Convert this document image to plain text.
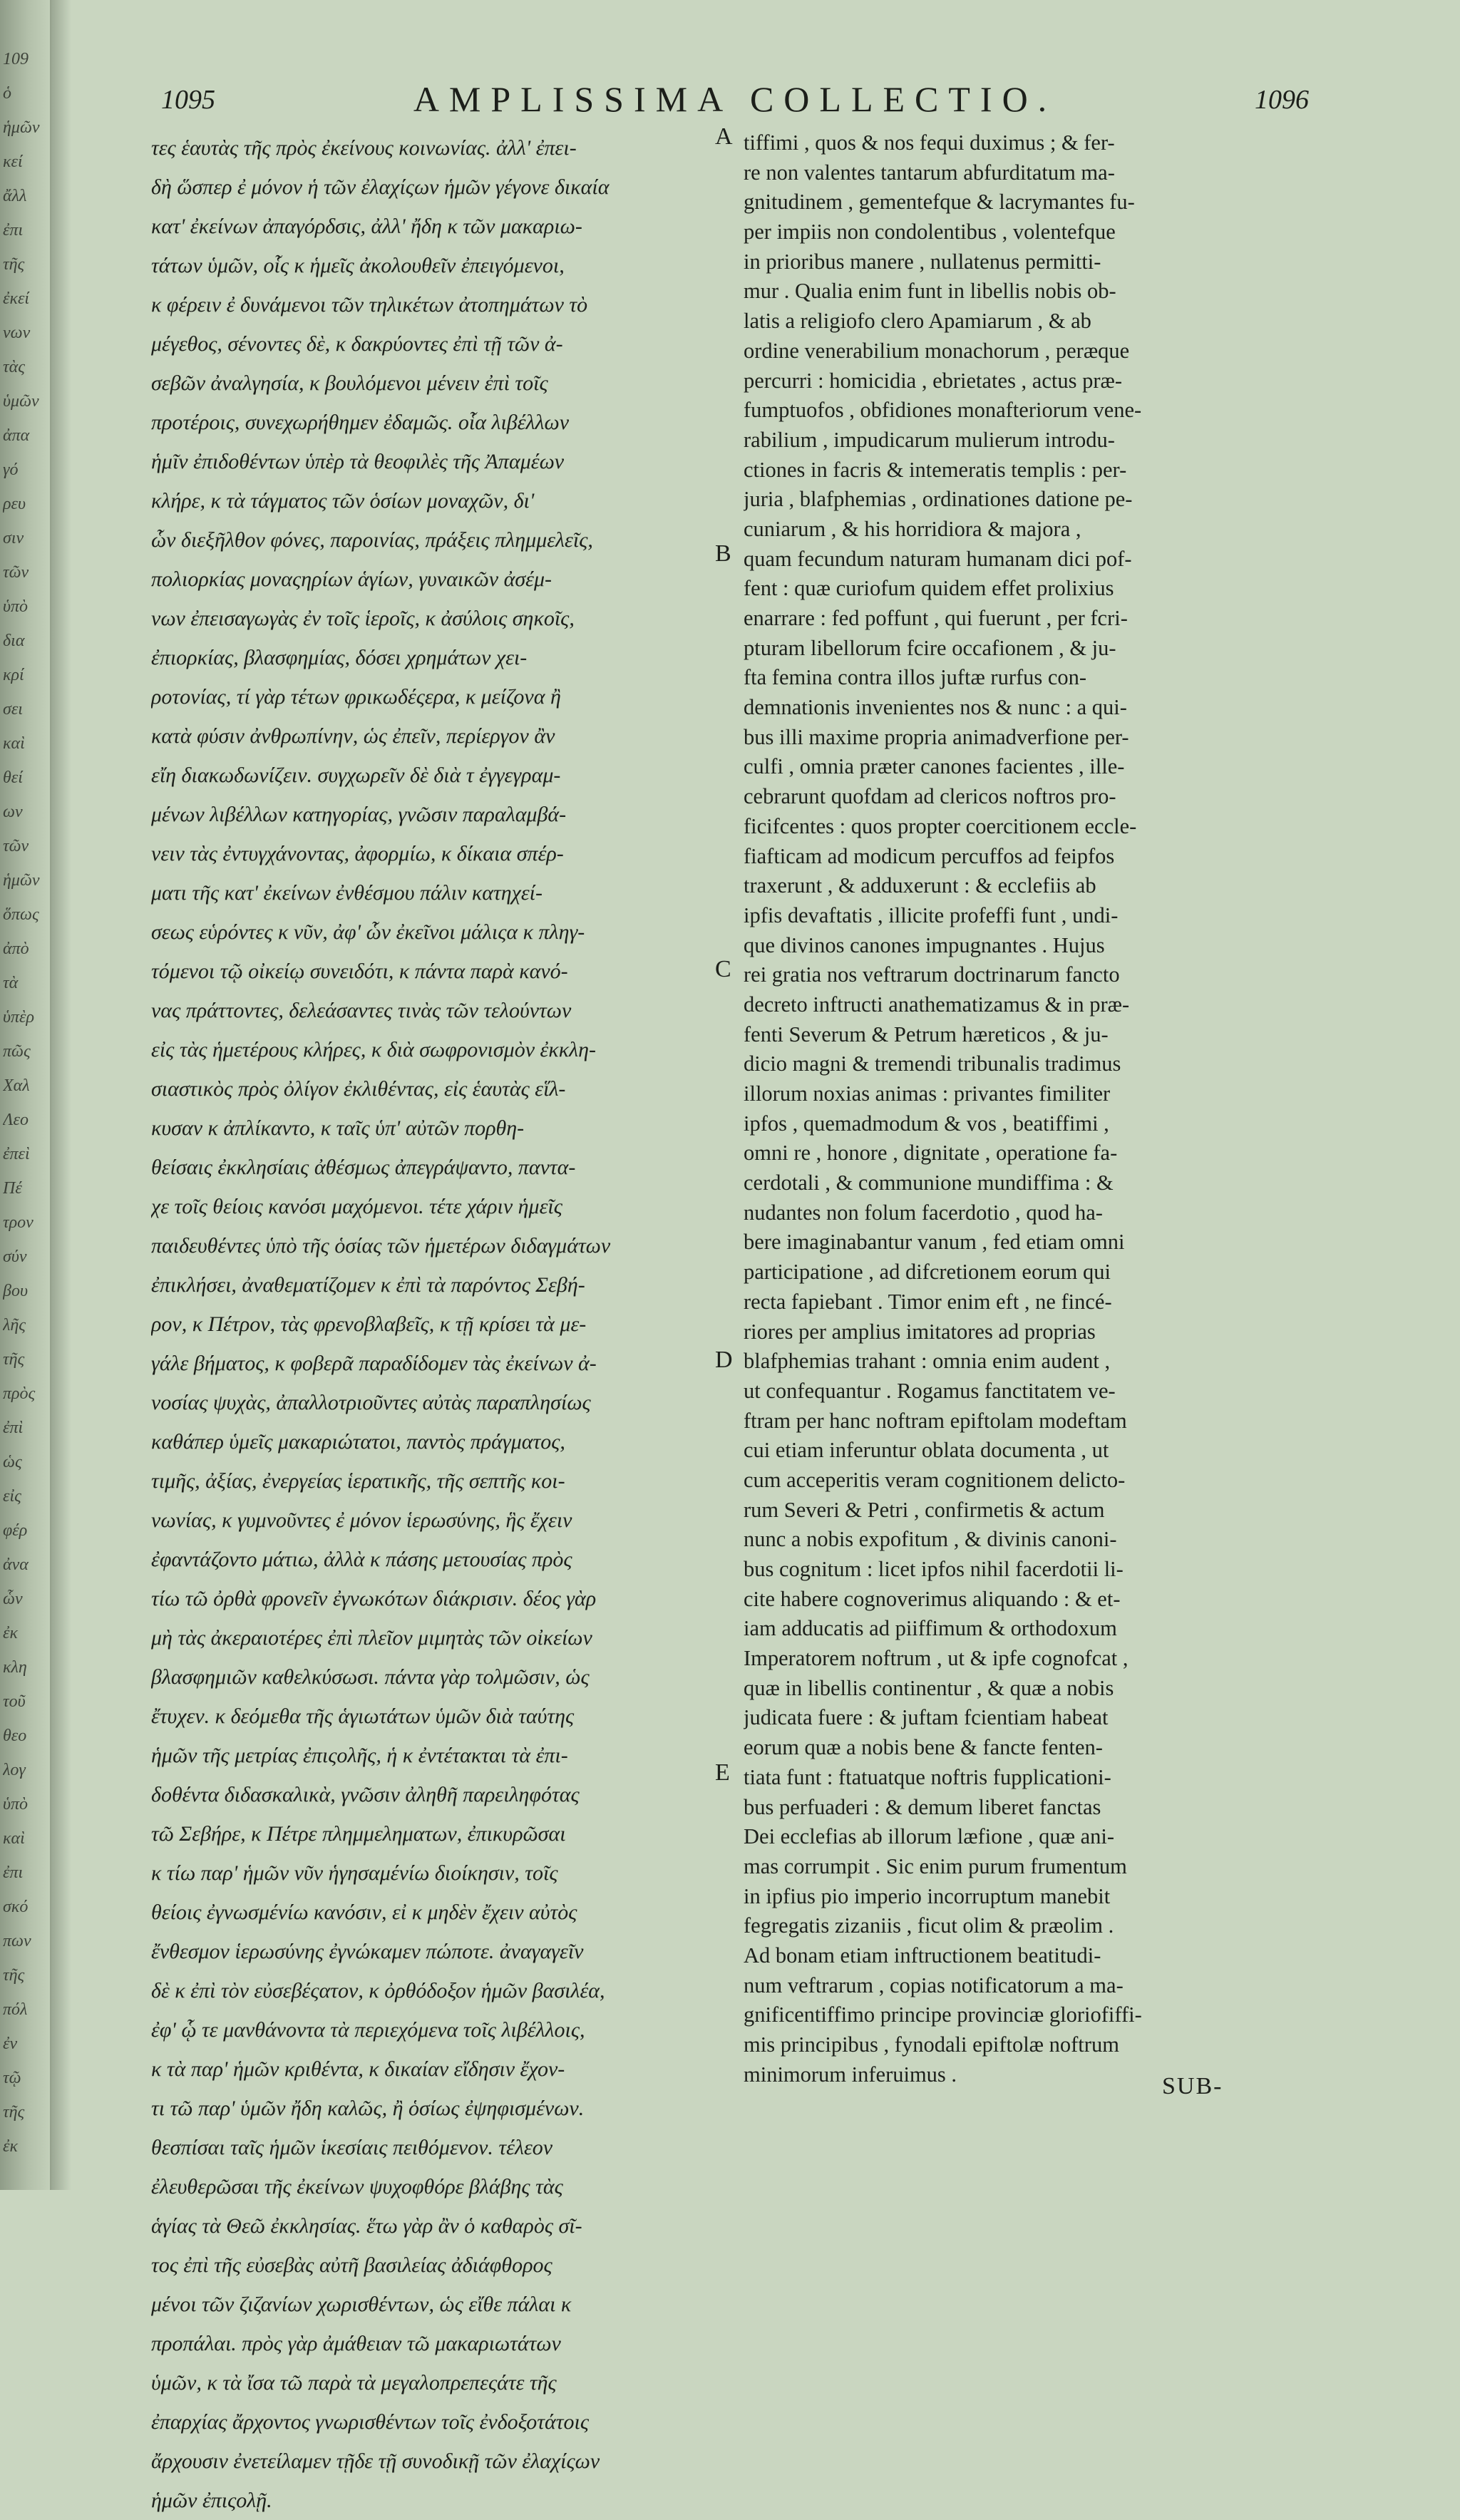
109
ὁ
ἡμῶν
κεί
ἄλλ
ἐπι
τῆς
ἐκεί
νων
τὰς
ὑμῶν
ἀπα
γό
ρευ
σιν
τῶν
ὑπὸ
δια
κρί
σει
καὶ
θεί
ων
τῶν
ἡμῶν
ὅπως
ἀπὸ
τὰ
ὑπὲρ
πῶς
Χαλ
Λεο
ἐπεὶ
Πέ
τρον
σύν
βου
λῆς
τῆς
πρὸς
ἐπὶ
ὡς
εἰς
φέρ
ἀνα
ὧν
ἐκ
κλη
τοῦ
θεο
λογ
ὑπὸ
καὶ
ἐπι
σκό
πων
τῆς
πόλ
ἐν
τῷ
τῆς
ἐκ
1095	AMPLISSIMA COLLECTIO.	1096
τες ἑαυτὰς τῆς πρὸς ἐκείνους κοινωνίας. ἀλλ' ἐπει-
δὴ ὥσπερ ἐ μόνον ἡ τῶν ἐλαχίςων ἡμῶν γέγονε δικαία
κατ' ἐκείνων ἀπαγόρδσις, ἀλλ' ἤδη κ τῶν μακαριω-
τάτων ὑμῶν, οἷς κ ἡμεῖς ἀκολουθεῖν ἐπειγόμενοι,
κ φέρειν ἐ δυνάμενοι τῶν τηλικέτων ἀτοπημάτων τὸ
μέγεθος, σένοντες δὲ, κ δακρύοντες ἐπὶ τῇ τῶν ἀ-
σεβῶν ἀναλγησία, κ βουλόμενοι μένειν ἐπὶ τοῖς
προτέροις, συνεχωρήθημεν ἐδαμῶς. οἷα λιβέλλων
ἡμῖν ἐπιδοθέντων ὑπὲρ τὰ θεοφιλὲς τῆς Ἀπαμέων
κλήρε, κ τὰ τάγματος τῶν ὁσίων μοναχῶν, δι'
ὧν διεξῆλθον φόνες, παροινίας, πράξεις πλημμελεῖς,
πολιορκίας μοναςηρίων ἁγίων, γυναικῶν ἀσέμ-
νων ἐπεισαγωγὰς ἐν τοῖς ἱεροῖς, κ ἀσύλοις σηκοῖς,
ἐπιορκίας, βλασφημίας, δόσει χρημάτων χει-
ροτονίας, τί γὰρ τέτων φρικωδέςερα, κ μείζονα ἢ
κατὰ φύσιν ἀνθρωπίνην, ὡς ἐπεῖν, περίεργον ἂν
εἴη διακωδωνίζειν. συγχωρεῖν δὲ διὰ τ ἐγγεγραμ-
μένων λιβέλλων κατηγορίας, γνῶσιν παραλαμβά-
νειν τὰς ἐντυγχάνοντας, ἀφορμίω, κ δίκαια σπέρ-
ματι τῆς κατ' ἐκείνων ἐνθέσμου πάλιν κατηχεί-
σεως εὑρόντες κ νῦν, ἀφ' ὧν ἐκεῖνοι μάλιςα κ πληγ-
τόμενοι τῷ οἰκείῳ συνειδότι, κ πάντα παρὰ κανό-
νας πράττοντες, δελεάσαντες τινὰς τῶν τελούντων
εἰς τὰς ἡμετέρους κλήρες, κ διὰ σωφρονισμὸν ἐκκλη-
σιαστικὸς πρὸς ὀλίγον ἐκλιθέντας, εἰς ἑαυτὰς εἵλ-
κυσαν κ ἀπλίκαντο, κ ταῖς ὑπ' αὐτῶν πορθη-
θείσαις ἐκκλησίαις ἀθέσμως ἀπεγράψαντο, παντα-
χε τοῖς θείοις κανόσι μαχόμενοι. τέτε χάριν ἡμεῖς
παιδευθέντες ὑπὸ τῆς ὁσίας τῶν ἡμετέρων διδαγμάτων
ἐπικλήσει, ἀναθεματίζομεν κ ἐπὶ τὰ παρόντος Σεβή-
ρον, κ Πέτρον, τὰς φρενοβλαβεῖς, κ τῇ κρίσει τὰ με-
γάλε βήματος, κ φοβερᾶ παραδίδομεν τὰς ἐκείνων ἀ-
νοσίας ψυχὰς, ἀπαλλοτριοῦντες αὐτὰς παραπλησίως
καθάπερ ὑμεῖς μακαριώτατοι, παντὸς πράγματος,
τιμῆς, ἀξίας, ἐνεργείας ἱερατικῆς, τῆς σεπτῆς κοι-
νωνίας, κ γυμνοῦντες ἐ μόνον ἱερωσύνης, ἣς ἔχειν
ἐφαντάζοντο μάτιω, ἀλλὰ κ πάσης μετουσίας πρὸς
τίω τῶ ὀρθὰ φρονεῖν ἐγνωκότων διάκρισιν. δέος γὰρ
μὴ τὰς ἀκεραιοτέρες ἐπὶ πλεῖον μιμητὰς τῶν οἰκείων
βλασφημιῶν καθελκύσωσι. πάντα γὰρ τολμῶσιν, ὡς
ἔτυχεν. κ δεόμεθα τῆς ἁγιωτάτων ὑμῶν διὰ ταύτης
ἡμῶν τῆς μετρίας ἐπιςολῆς, ἡ κ ἐντέτακται τὰ ἐπι-
δοθέντα διδασκαλικὰ, γνῶσιν ἀληθῆ παρειληφότας
τῶ Σεβήρε, κ Πέτρε πλημμεληματων, ἐπικυρῶσαι
κ τίω παρ' ἡμῶν νῦν ἡγησαμένίω διοίκησιν, τοῖς
θείοις ἐγνωσμένίω κανόσιν, εἰ κ μηδὲν ἔχειν αὐτὸς
ἔνθεσμον ἱερωσύνης ἐγνώκαμεν πώποτε. ἀναγαγεῖν
δὲ κ ἐπὶ τὸν εὐσεβέςατον, κ ὀρθόδοξον ἡμῶν βασιλέα,
ἐφ' ᾧ τε μανθάνοντα τὰ περιεχόμενα τοῖς λιβέλλοις,
κ τὰ παρ' ἡμῶν κριθέντα, κ δικαίαν εἴδησιν ἔχον-
τι τῶ παρ' ὑμῶν ἤδη καλῶς, ἢ ὁσίως ἐψηφισμένων.
θεσπίσαι ταῖς ἡμῶν ἱκεσίαις πειθόμενον. τέλεον
ἐλευθερῶσαι τῆς ἐκείνων ψυχοφθόρε βλάβης τὰς
ἁγίας τὰ Θεῶ ἐκκλησίας. ἕτω γὰρ ἂν ὁ καθαρὸς σῖ-
τος ἐπὶ τῆς εὐσεβὰς αὐτῆ βασιλείας ἀδιάφθορος
μένοι τῶν ζιζανίων χωρισθέντων, ὡς εἴθε πάλαι κ
προπάλαι. πρὸς γὰρ ἀμάθειαν τῶ μακαριωτάτων
ὑμῶν, κ τὰ ἴσα τῶ παρὰ τὰ μεγαλοπρεπεςάτε τῆς
ἐπαρχίας ἄρχοντος γνωρισθέντων τοῖς ἐνδοξοτάτοις
ἄρχουσιν ἐνετείλαμεν τῇδε τῇ συνοδικῇ τῶν ἐλαχίςων
ἡμῶν ἐπιςολῇ.
A
B
C
D
E
tiffimi , quos & nos fequi duximus ; & fer-
re non valentes tantarum abfurditatum ma-
gnitudinem , gementefque & lacrymantes fu-
per impiis non condolentibus , volentefque
in prioribus manere , nullatenus permitti-
mur . Qualia enim funt in libellis nobis ob-
latis a religiofo clero Apamiarum , & ab
ordine venerabilium monachorum , peræque
percurri : homicidia , ebrietates , actus præ-
fumptuofos , obfidiones monafteriorum vene-
rabilium , impudicarum mulierum introdu-
ctiones in facris & intemeratis templis : per-
juria , blafphemias , ordinationes datione pe-
cuniarum , & his horridiora & majora ,
quam fecundum naturam humanam dici pof-
fent : quæ curiofum quidem effet prolixius
enarrare : fed poffunt , qui fuerunt , per fcri-
pturam libellorum fcire occafionem , & ju-
fta femina contra illos juftæ rurfus con-
demnationis invenientes nos & nunc : a qui-
bus illi maxime propria animadverfione per-
culfi , omnia præter canones facientes , ille-
cebrarunt quofdam ad clericos noftros pro-
ficifcentes : quos propter coercitionem eccle-
fiafticam ad modicum percuffos ad feipfos
traxerunt , & adduxerunt : & ecclefiis ab
ipfis devaftatis , illicite profeffi funt , undi-
que divinos canones impugnantes . Hujus
rei gratia nos veftrarum doctrinarum fancto
decreto inftructi anathematizamus & in præ-
fenti Severum & Petrum hæreticos , & ju-
dicio magni & tremendi tribunalis tradimus
illorum noxias animas : privantes fimiliter
ipfos , quemadmodum & vos , beatiffimi ,
omni re , honore , dignitate , operatione fa-
cerdotali , & communione mundiffima : &
nudantes non folum facerdotio , quod ha-
bere imaginabantur vanum , fed etiam omni
participatione , ad difcretionem eorum qui
recta fapiebant . Timor enim eft , ne fincé-
riores per amplius imitatores ad proprias
blafphemias trahant : omnia enim audent ,
ut confequantur . Rogamus fanctitatem ve-
ftram per hanc noftram epiftolam modeftam
cui etiam inferuntur oblata documenta , ut
cum acceperitis veram cognitionem delicto-
rum Severi & Petri , confirmetis & actum
nunc a nobis expofitum , & divinis canoni-
bus cognitum : licet ipfos nihil facerdotii li-
cite habere cognoverimus aliquando : & et-
iam adducatis ad piiffimum & orthodoxum
Imperatorem noftrum , ut & ipfe cognofcat ,
quæ in libellis continentur , & quæ a nobis
judicata fuere : & juftam fcientiam habeat
eorum quæ a nobis bene & fancte fenten-
tiata funt : ftatuatque noftris fupplicationi-
bus perfuaderi : & demum liberet fanctas
Dei ecclefias ab illorum læfione , quæ ani-
mas corrumpit . Sic enim purum frumentum
in ipfius pio imperio incorruptum manebit
fegregatis zizaniis , ficut olim & præolim .
Ad bonam etiam inftructionem beatitudi-
num veftrarum , copias notificatorum a ma-
gnificentiffimo principe provinciæ gloriofiffi-
mis principibus , fynodali epiftolæ noftrum
minimorum inferuimus .	SUB-
